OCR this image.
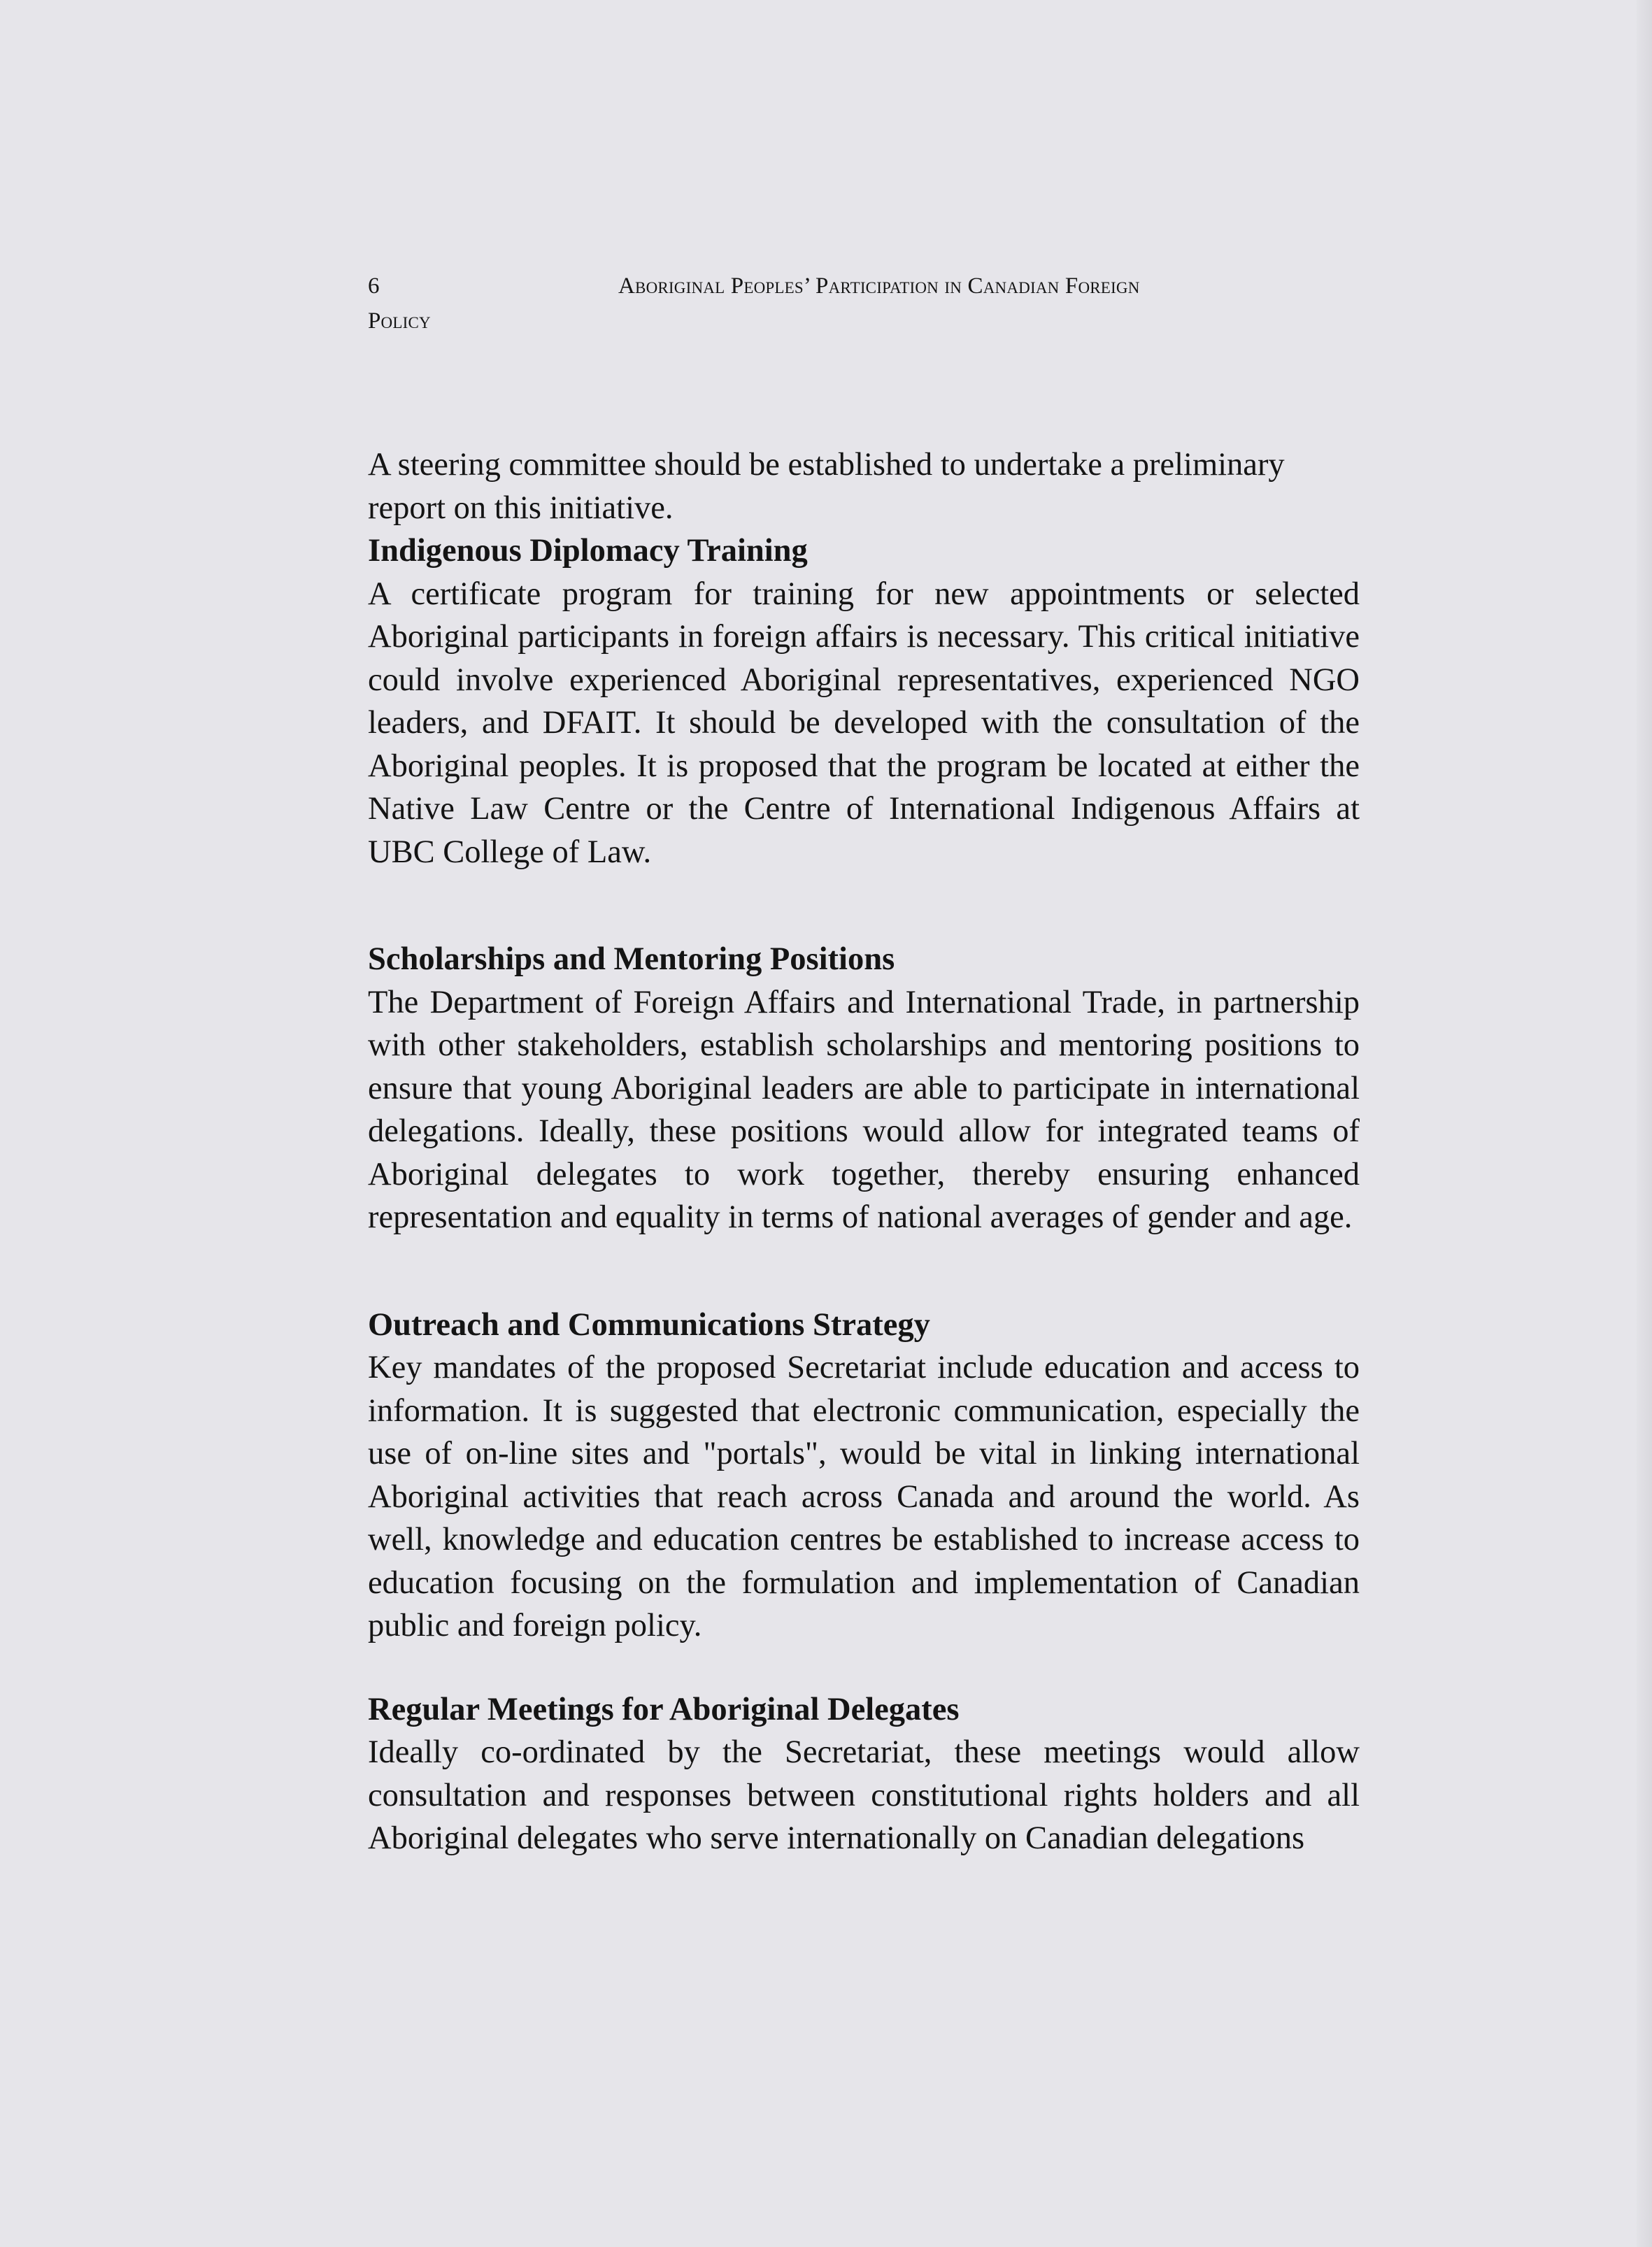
6	Aboriginal Peoples’ Participation in Canadian Foreign
Policy

A steering committee should be established to undertake a preliminary report on this initiative.

Indigenous Diplomacy Training

A certificate program for training for new appointments or selected Aboriginal participants in foreign affairs is necessary. This critical initiative could involve experienced Aboriginal representatives, experienced NGO leaders, and DFAIT. It should be developed with the consultation of the Aboriginal peoples. It is proposed that the program be located at either the Native Law Centre or the Centre of International Indigenous Affairs at UBC College of Law.

Scholarships and Mentoring Positions

The Department of Foreign Affairs and International Trade, in partnership with other stakeholders, establish scholarships and mentoring positions to ensure that young Aboriginal leaders are able to participate in international delegations. Ideally, these positions would allow for integrated teams of Aboriginal delegates to work together, thereby ensuring enhanced representation and equality in terms of national averages of gender and age.

Outreach and Communications Strategy

Key mandates of the proposed Secretariat include education and access to information. It is suggested that electronic communication, especially the use of on-line sites and "portals", would be vital in linking international Aboriginal activities that reach across Canada and around the world. As well, knowledge and education centres be established to increase access to education focusing on the formulation and implementation of Canadian public and foreign policy.

Regular Meetings for Aboriginal Delegates

Ideally co-ordinated by the Secretariat, these meetings would allow consultation and responses between constitutional rights holders and all Aboriginal delegates who serve internationally on Canadian delegations
